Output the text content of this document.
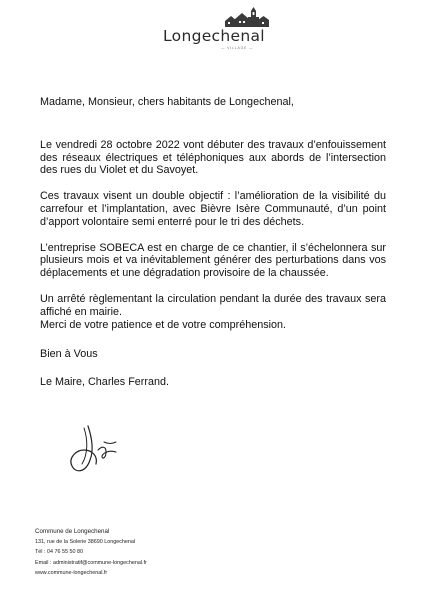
Longechenal
— VILLAGE —

Madame, Monsieur, chers habitants de Longechenal,

Le vendredi 28 octobre 2022 vont débuter des travaux d’enfouissement des réseaux électriques et téléphoniques aux abords de l’intersection des rues du Violet et du Savoyet.

Ces travaux visent un double objectif : l’amélioration de la visibilité du carrefour et l’implantation, avec Bièvre Isère Communauté, d’un point d’apport volontaire semi enterré pour le tri des déchets.

L’entreprise SOBECA est en charge de ce chantier, il s’échelonnera sur plusieurs mois et va inévitablement générer des perturbations dans vos déplacements et une dégradation provisoire de la chaussée.

Un arrêté règlementant la circulation pendant la durée des travaux sera affiché en mairie.

Merci de votre patience et de votre compréhension.

Bien à Vous

Le Maire, Charles Ferrand.

Commune de Longechenal
131, rue de la Solerie 38690 Longechenal
Tél : 04 76 55 50 80
Email : administratif@commune-longechenal.fr
www.commune-longechenal.fr
